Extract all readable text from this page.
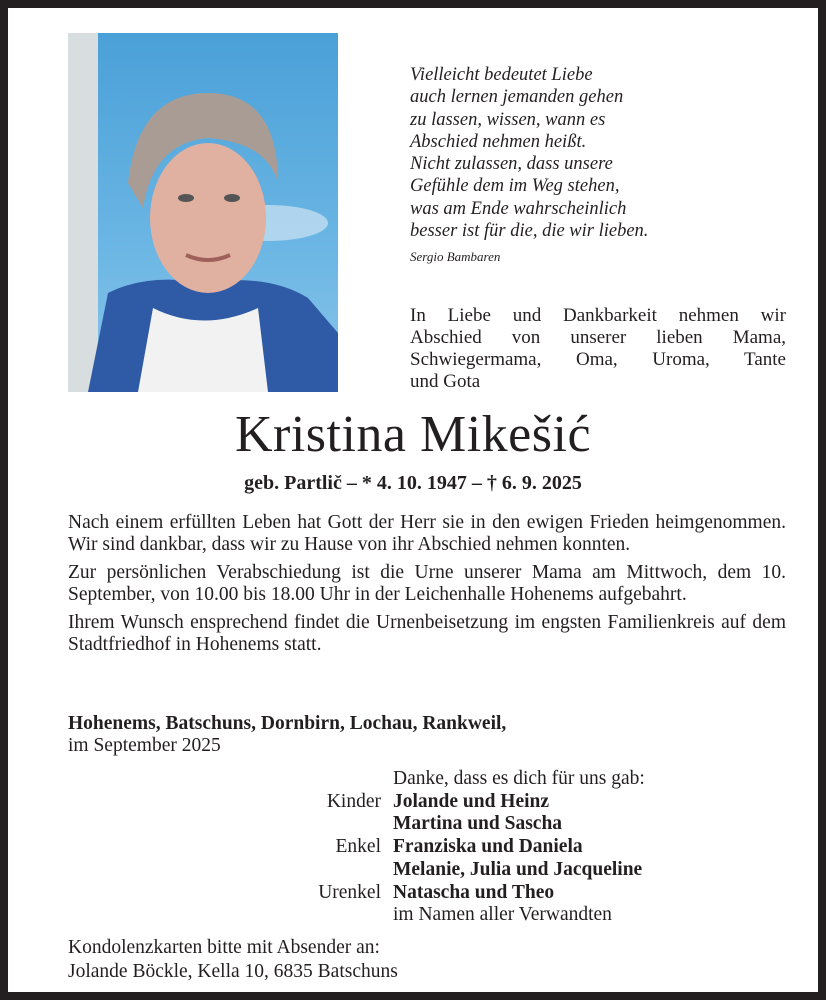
Vielleicht bedeutet Liebe
auch lernen jemanden gehen
zu lassen, wissen, wann es
Abschied nehmen heißt.
Nicht zulassen, dass unsere
Gefühle dem im Weg stehen,
was am Ende wahrscheinlich
besser ist für die, die wir lieben.
Sergio Bambaren
In Liebe und Dankbarkeit nehmen wir
Abschied von unserer lieben Mama,
Schwiegermama, Oma, Uroma, Tante
und Gota
Kristina Mikešić
geb. Partlič – * 4. 10. 1947 – † 6. 9. 2025

Nach einem erfüllten Leben hat Gott der Herr sie in den ewigen Frieden heimgenommen. Wir sind dankbar, dass wir zu Hause von ihr Abschied nehmen konnten.

Zur persönlichen Verabschiedung ist die Urne unserer Mama am Mittwoch, dem 10. September, von 10.00 bis 18.00 Uhr in der Leichenhalle Hohenems aufgebahrt.

Ihrem Wunsch ensprechend findet die Urnenbeisetzung im engsten Familienkreis auf dem Stadtfriedhof in Hohenems statt.

Hohenems, Batschuns, Dornbirn, Lochau, Rankweil,
im September 2025
Danke, dass es dich für uns gab:
Kinder Jolande und Heinz
Martina und Sascha
Enkel Franziska und Daniela
Melanie, Julia und Jacqueline
Urenkel Natascha und Theo
im Namen aller Verwandten
Kondolenzkarten bitte mit Absender an:
Jolande Böckle, Kella 10, 6835 Batschuns
